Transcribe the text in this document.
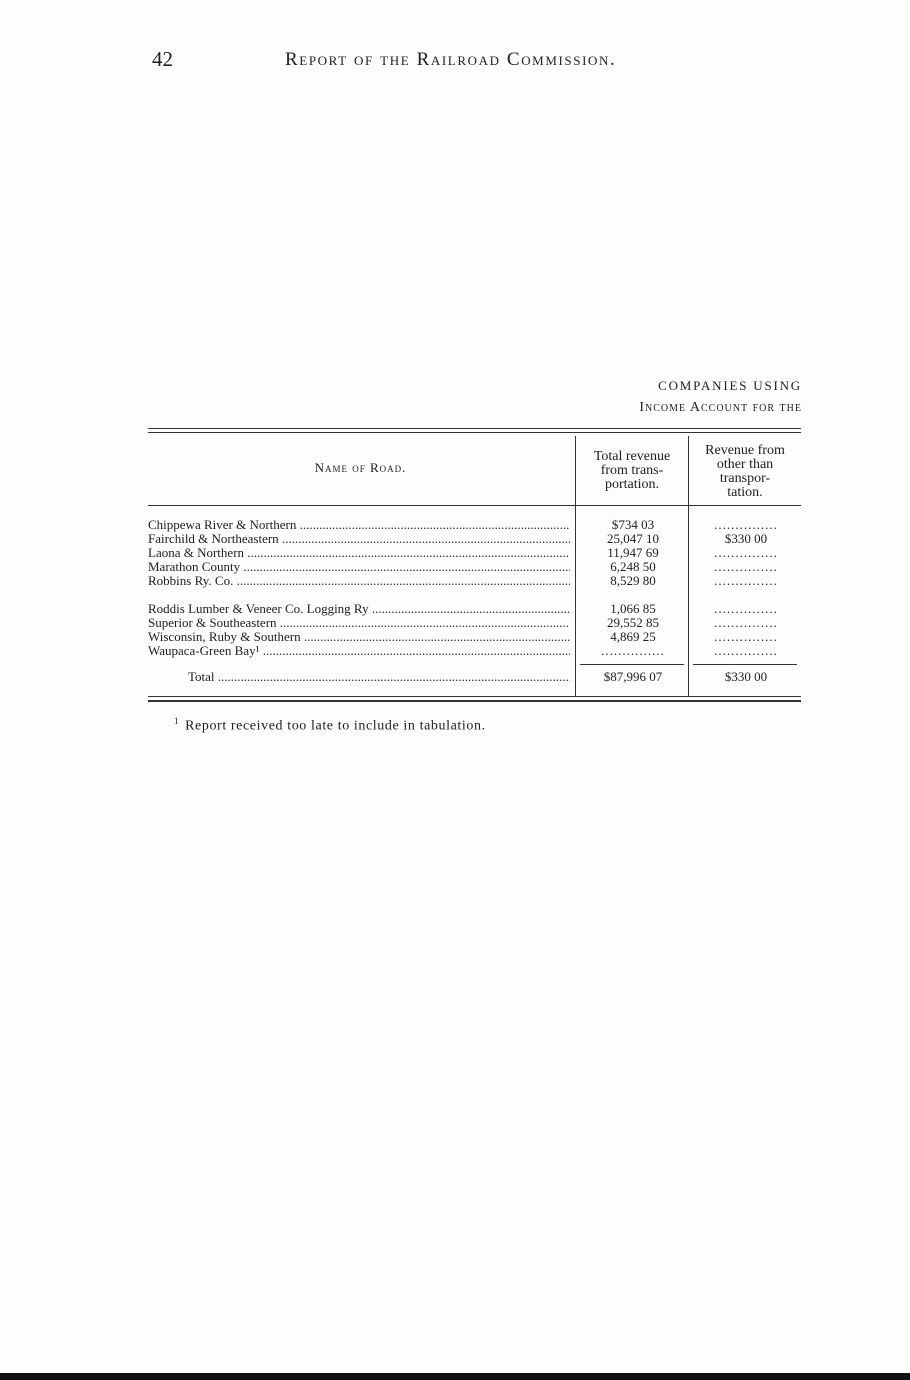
42	Report of the Railroad Commission.
COMPANIES USING
Income Account for the
Name of Road.
Total revenue
from trans-
portation.
Revenue from
other than
transpor-
tation.
Chippewa River & Northern .....	$734 03	...............
Fairchild & Northeastern .....	25,047 10	$330 00
Laona & Northern .....	11,947 69	...............
Marathon County .....	6,248 50	...............
Robbins Ry. Co. .....	8,529 80	...............
Roddis Lumber & Veneer Co. Logging Ry .....	1,066 85	...............
Superior & Southeastern .....	29,552 85	...............
Wisconsin, Ruby & Southern .....	4,869 25	...............
Waupaca-Green Bay¹ .....	...............	...............
Total .....	$87,996 07	$330 00
$^1$ Report received too late to include in tabulation.
